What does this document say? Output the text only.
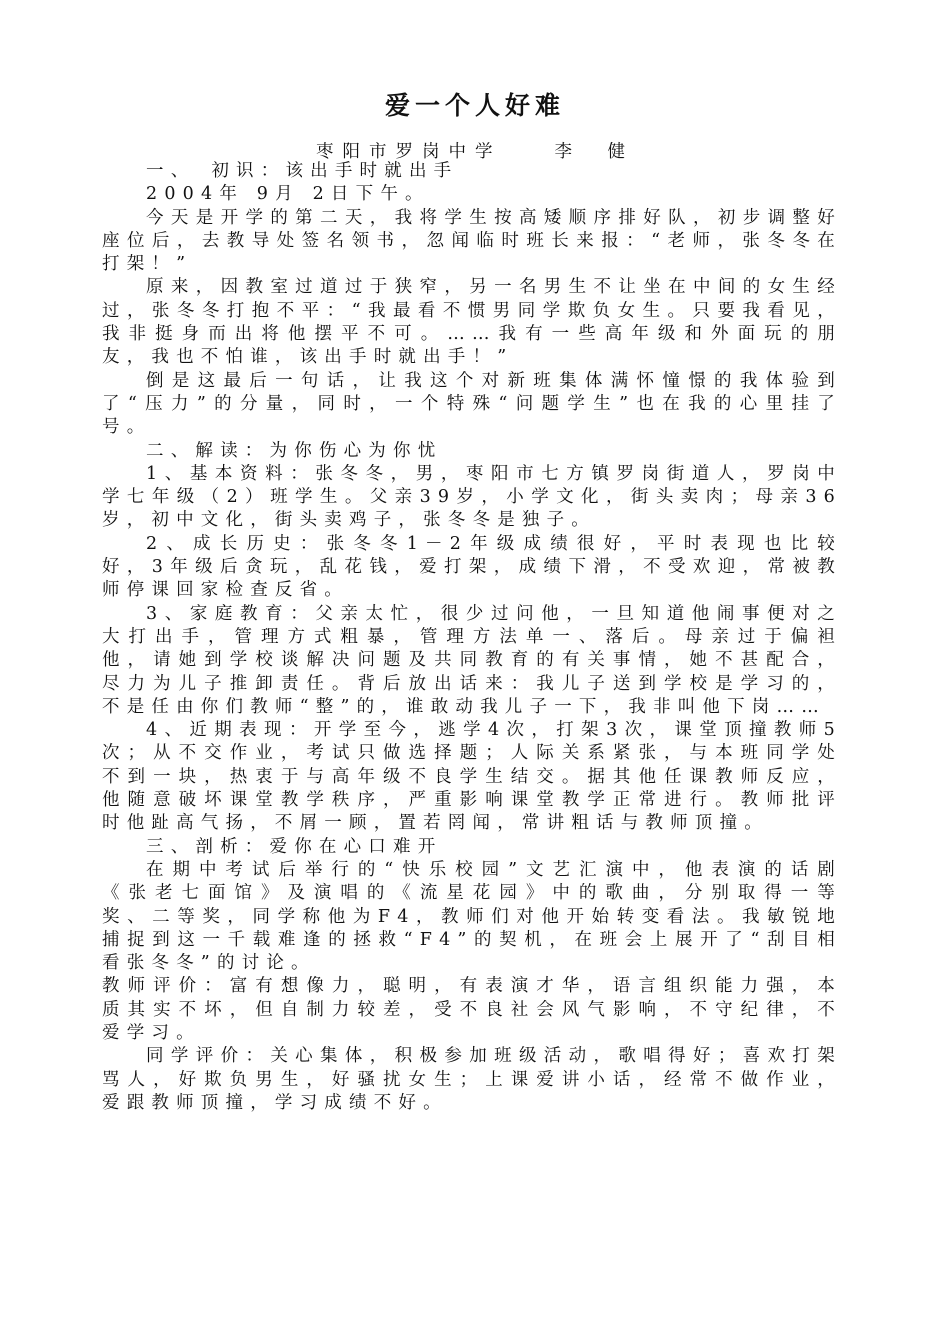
爱一个人好难
枣阳市罗岗中学　　李　健

一、　初识：该出手时就出手

2004年 9月 2日下午。

今天是开学的第二天，我将学生按高矮顺序排好队，初步调整好座位后，去教导处签名领书，忽闻临时班长来报：“老师，张冬冬在打架！”

原来，因教室过道过于狭窄，另一名男生不让坐在中间的女生经过，张冬冬打抱不平：“我最看不惯男同学欺负女生。只要我看见，我非挺身而出将他摆平不可。……我有一些高年级和外面玩的朋友，我也不怕谁，该出手时就出手！”

倒是这最后一句话，让我这个对新班集体满怀憧憬的我体验到了“压力”的分量，同时，一个特殊“问题学生”也在我的心里挂了号。

二、解读：为你伤心为你忧

1、基本资料：张冬冬，男，枣阳市七方镇罗岗街道人，罗岗中学七年级（2）班学生。父亲39岁，小学文化，街头卖肉；母亲36岁，初中文化，街头卖鸡子，张冬冬是独子。

2、成长历史：张冬冬1－2年级成绩很好，平时表现也比较好，3年级后贪玩，乱花钱，爱打架，成绩下滑，不受欢迎，常被教师停课回家检查反省。

3、家庭教育：父亲太忙，很少过问他，一旦知道他闹事便对之大打出手，管理方式粗暴，管理方法单一、落后。母亲过于偏袒他，请她到学校谈解决问题及共同教育的有关事情，她不甚配合，尽力为儿子推卸责任。背后放出话来：我儿子送到学校是学习的，不是任由你们教师“整”的，谁敢动我儿子一下，我非叫他下岗……

4、近期表现：开学至今，逃学4次，打架3次，课堂顶撞教师5次；从不交作业，考试只做选择题；人际关系紧张，与本班同学处不到一块，热衷于与高年级不良学生结交。据其他任课教师反应，他随意破坏课堂教学秩序，严重影响课堂教学正常进行。教师批评时他趾高气扬，不屑一顾，置若罔闻，常讲粗话与教师顶撞。

三、剖析：爱你在心口难开

在期中考试后举行的“快乐校园”文艺汇演中，他表演的话剧《张老七面馆》及演唱的《流星花园》中的歌曲，分别取得一等奖、二等奖，同学称他为F4，教师们对他开始转变看法。我敏锐地捕捉到这一千载难逢的拯救“F4”的契机，在班会上展开了“刮目相看张冬冬”的讨论。

教师评价：富有想像力，聪明，有表演才华，语言组织能力强，本质其实不坏，但自制力较差，受不良社会风气影响，不守纪律，不爱学习。

同学评价：关心集体，积极参加班级活动，歌唱得好；喜欢打架骂人，好欺负男生，好骚扰女生；上课爱讲小话，经常不做作业，爱跟教师顶撞，学习成绩不好。
